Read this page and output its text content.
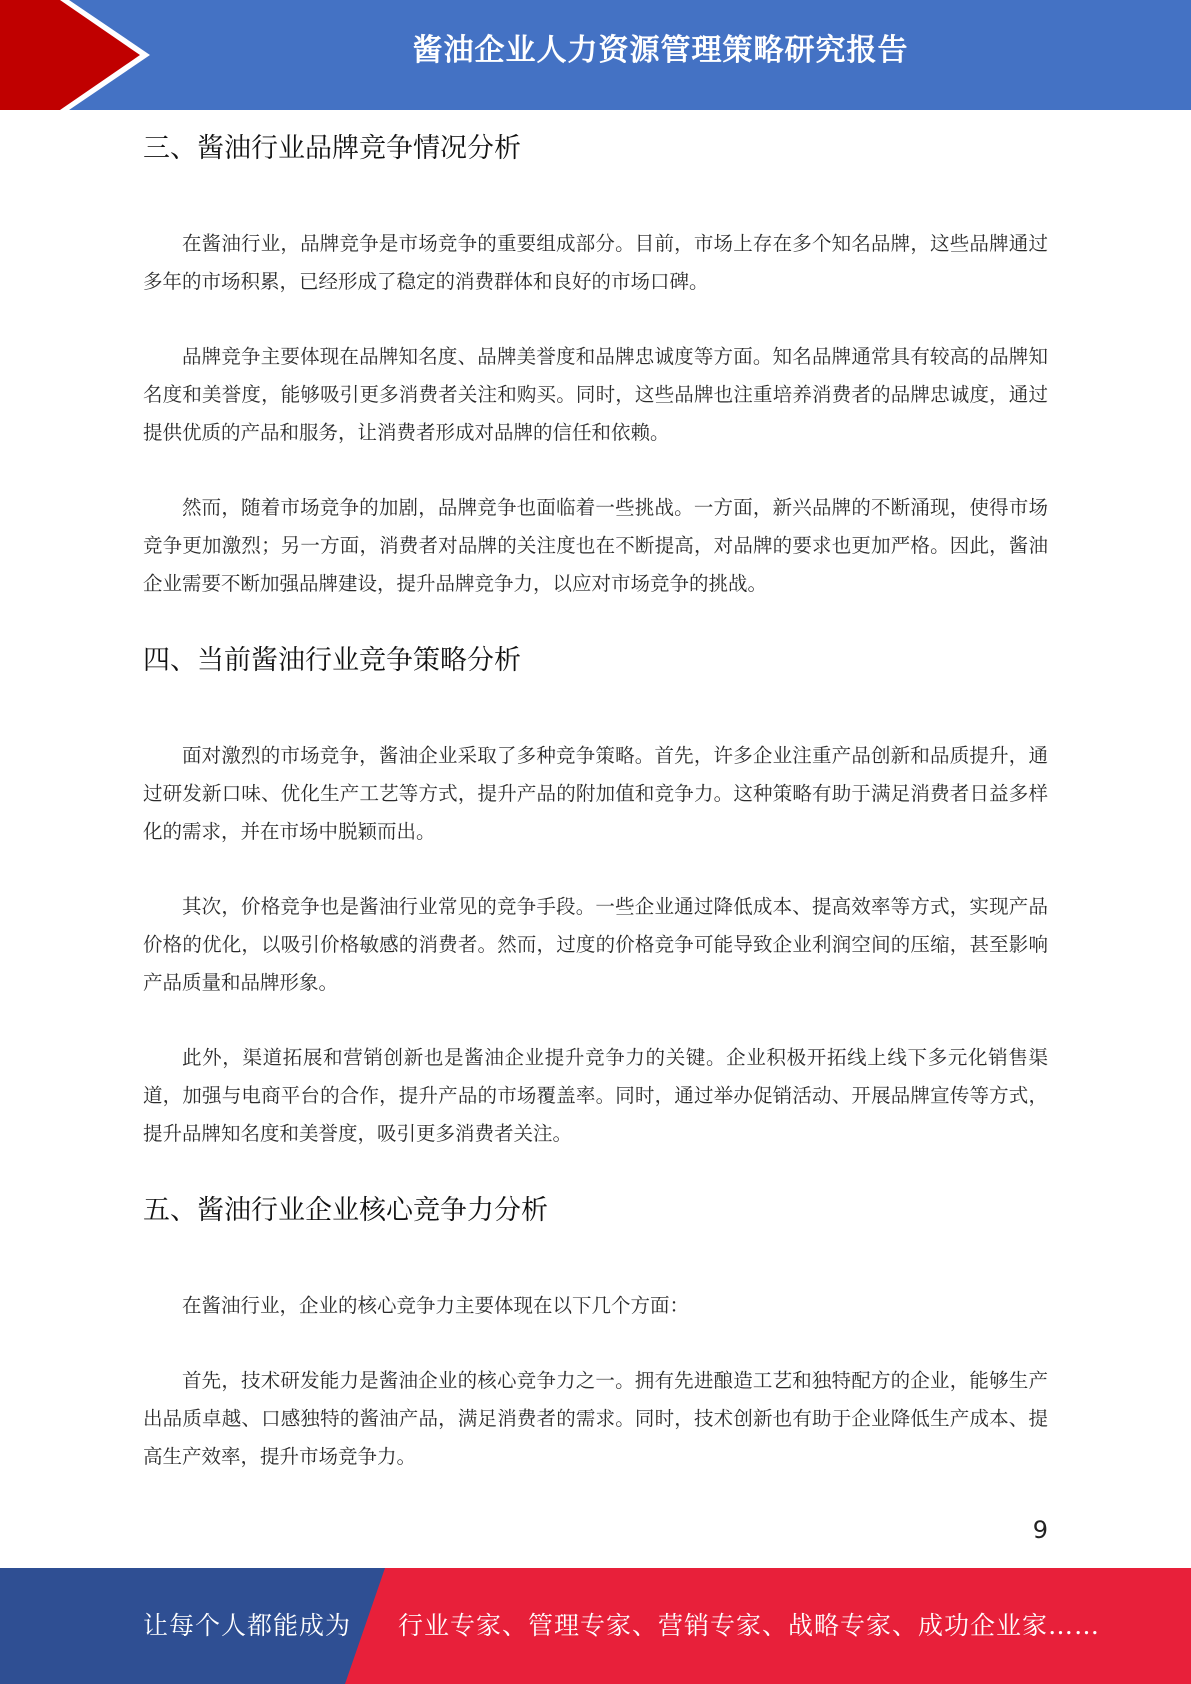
酱油企业人力资源管理策略研究报告
三、酱油行业品牌竞争情况分析

在酱油行业，品牌竞争是市场竞争的重要组成部分。目前，市场上存在多个知名品牌，这些品牌通过多年的市场积累，已经形成了稳定的消费群体和良好的市场口碑。

品牌竞争主要体现在品牌知名度、品牌美誉度和品牌忠诚度等方面。知名品牌通常具有较高的品牌知名度和美誉度，能够吸引更多消费者关注和购买。同时，这些品牌也注重培养消费者的品牌忠诚度，通过提供优质的产品和服务，让消费者形成对品牌的信任和依赖。

然而，随着市场竞争的加剧，品牌竞争也面临着一些挑战。一方面，新兴品牌的不断涌现，使得市场竞争更加激烈；另一方面，消费者对品牌的关注度也在不断提高，对品牌的要求也更加严格。因此，酱油企业需要不断加强品牌建设，提升品牌竞争力，以应对市场竞争的挑战。

四、当前酱油行业竞争策略分析

面对激烈的市场竞争，酱油企业采取了多种竞争策略。首先，许多企业注重产品创新和品质提升，通过研发新口味、优化生产工艺等方式，提升产品的附加值和竞争力。这种策略有助于满足消费者日益多样化的需求，并在市场中脱颖而出。

其次，价格竞争也是酱油行业常见的竞争手段。一些企业通过降低成本、提高效率等方式，实现产品价格的优化，以吸引价格敏感的消费者。然而，过度的价格竞争可能导致企业利润空间的压缩，甚至影响产品质量和品牌形象。

此外，渠道拓展和营销创新也是酱油企业提升竞争力的关键。企业积极开拓线上线下多元化销售渠道，加强与电商平台的合作，提升产品的市场覆盖率。同时，通过举办促销活动、开展品牌宣传等方式，提升品牌知名度和美誉度，吸引更多消费者关注。

五、酱油行业企业核心竞争力分析

在酱油行业，企业的核心竞争力主要体现在以下几个方面：

首先，技术研发能力是酱油企业的核心竞争力之一。拥有先进酿造工艺和独特配方的企业，能够生产出品质卓越、口感独特的酱油产品，满足消费者的需求。同时，技术创新也有助于企业降低生产成本、提高生产效率，提升市场竞争力。

9
让每个人都能成为 行业专家、管理专家、营销专家、战略专家、成功企业家……
